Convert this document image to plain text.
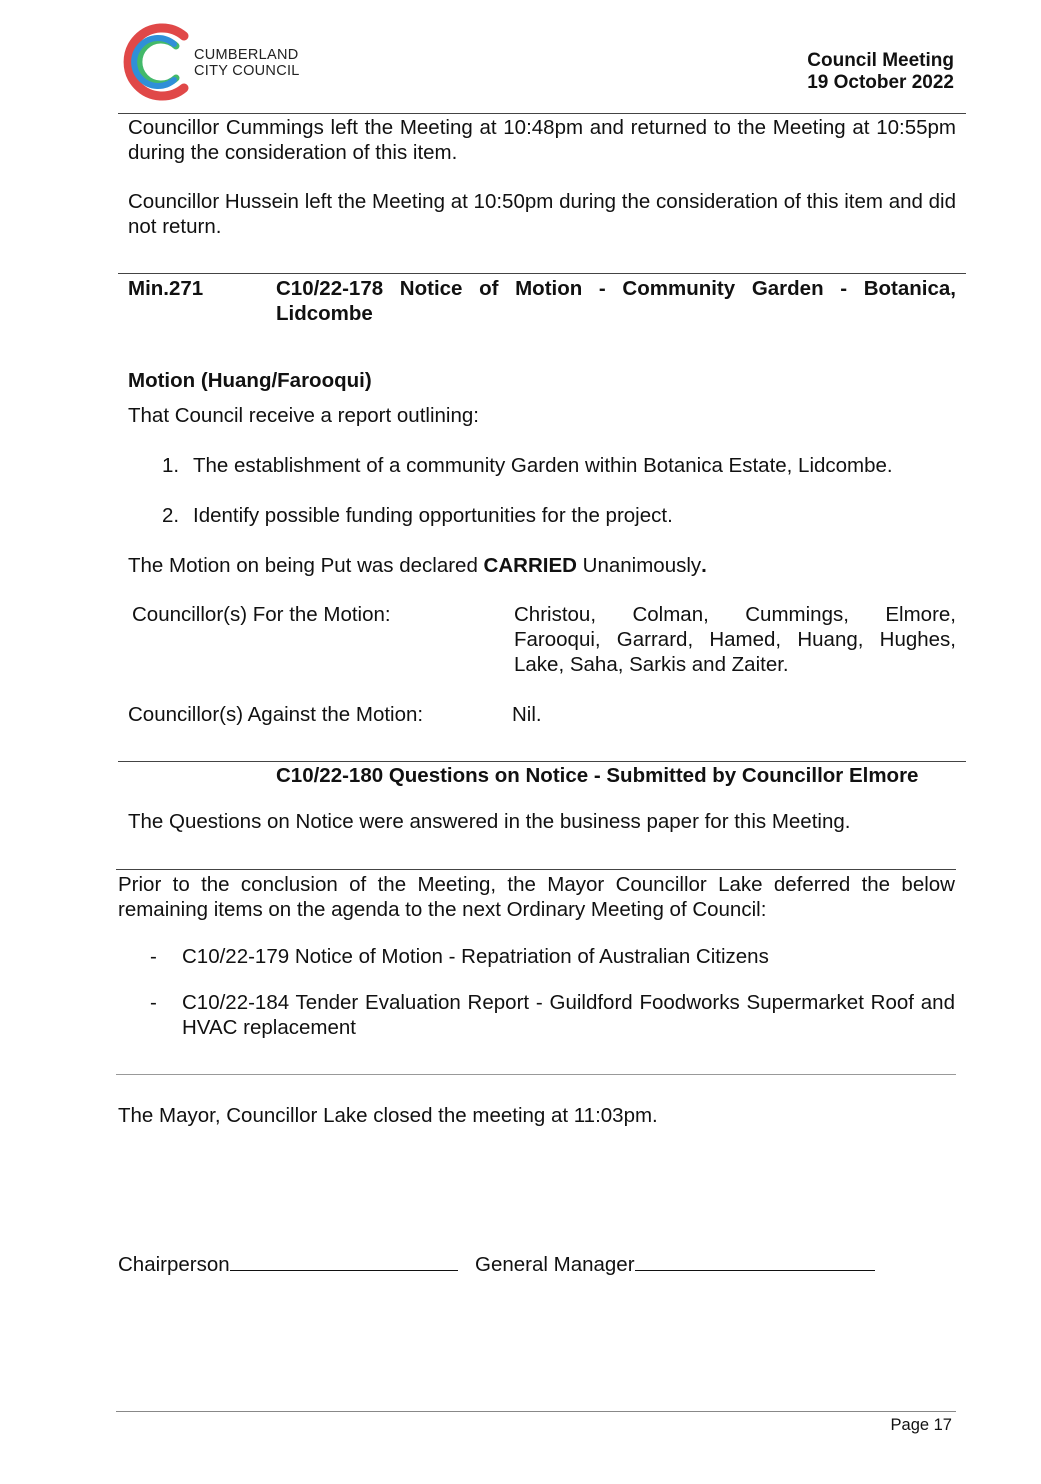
CUMBERLAND
CITY COUNCIL	Council Meeting
19 October 2022
Councillor Cummings left the Meeting at 10:48pm and returned to the Meeting at 10:55pm during the consideration of this item.
Councillor Hussein left the Meeting at 10:50pm during the consideration of this item and did not return.
Min.271	C10/22-178 Notice of Motion - Community Garden - Botanica, Lidcombe
Motion (Huang/Farooqui)
That Council receive a report outlining:
1. The establishment of a community Garden within Botanica Estate, Lidcombe.
2. Identify possible funding opportunities for the project.
The Motion on being Put was declared CARRIED Unanimously.
Councillor(s) For the Motion:	Christou, Colman, Cummings, Elmore, Farooqui, Garrard, Hamed, Huang, Hughes, Lake, Saha, Sarkis and Zaiter.
Councillor(s) Against the Motion:	Nil.
C10/22-180 Questions on Notice - Submitted by Councillor Elmore
The Questions on Notice were answered in the business paper for this Meeting.
Prior to the conclusion of the Meeting, the Mayor Councillor Lake deferred the below remaining items on the agenda to the next Ordinary Meeting of Council:
- C10/22-179 Notice of Motion - Repatriation of Australian Citizens
- C10/22-184 Tender Evaluation Report - Guildford Foodworks Supermarket Roof and HVAC replacement
The Mayor, Councillor Lake closed the meeting at 11:03pm.
Chairperson	General Manager
Page 17
